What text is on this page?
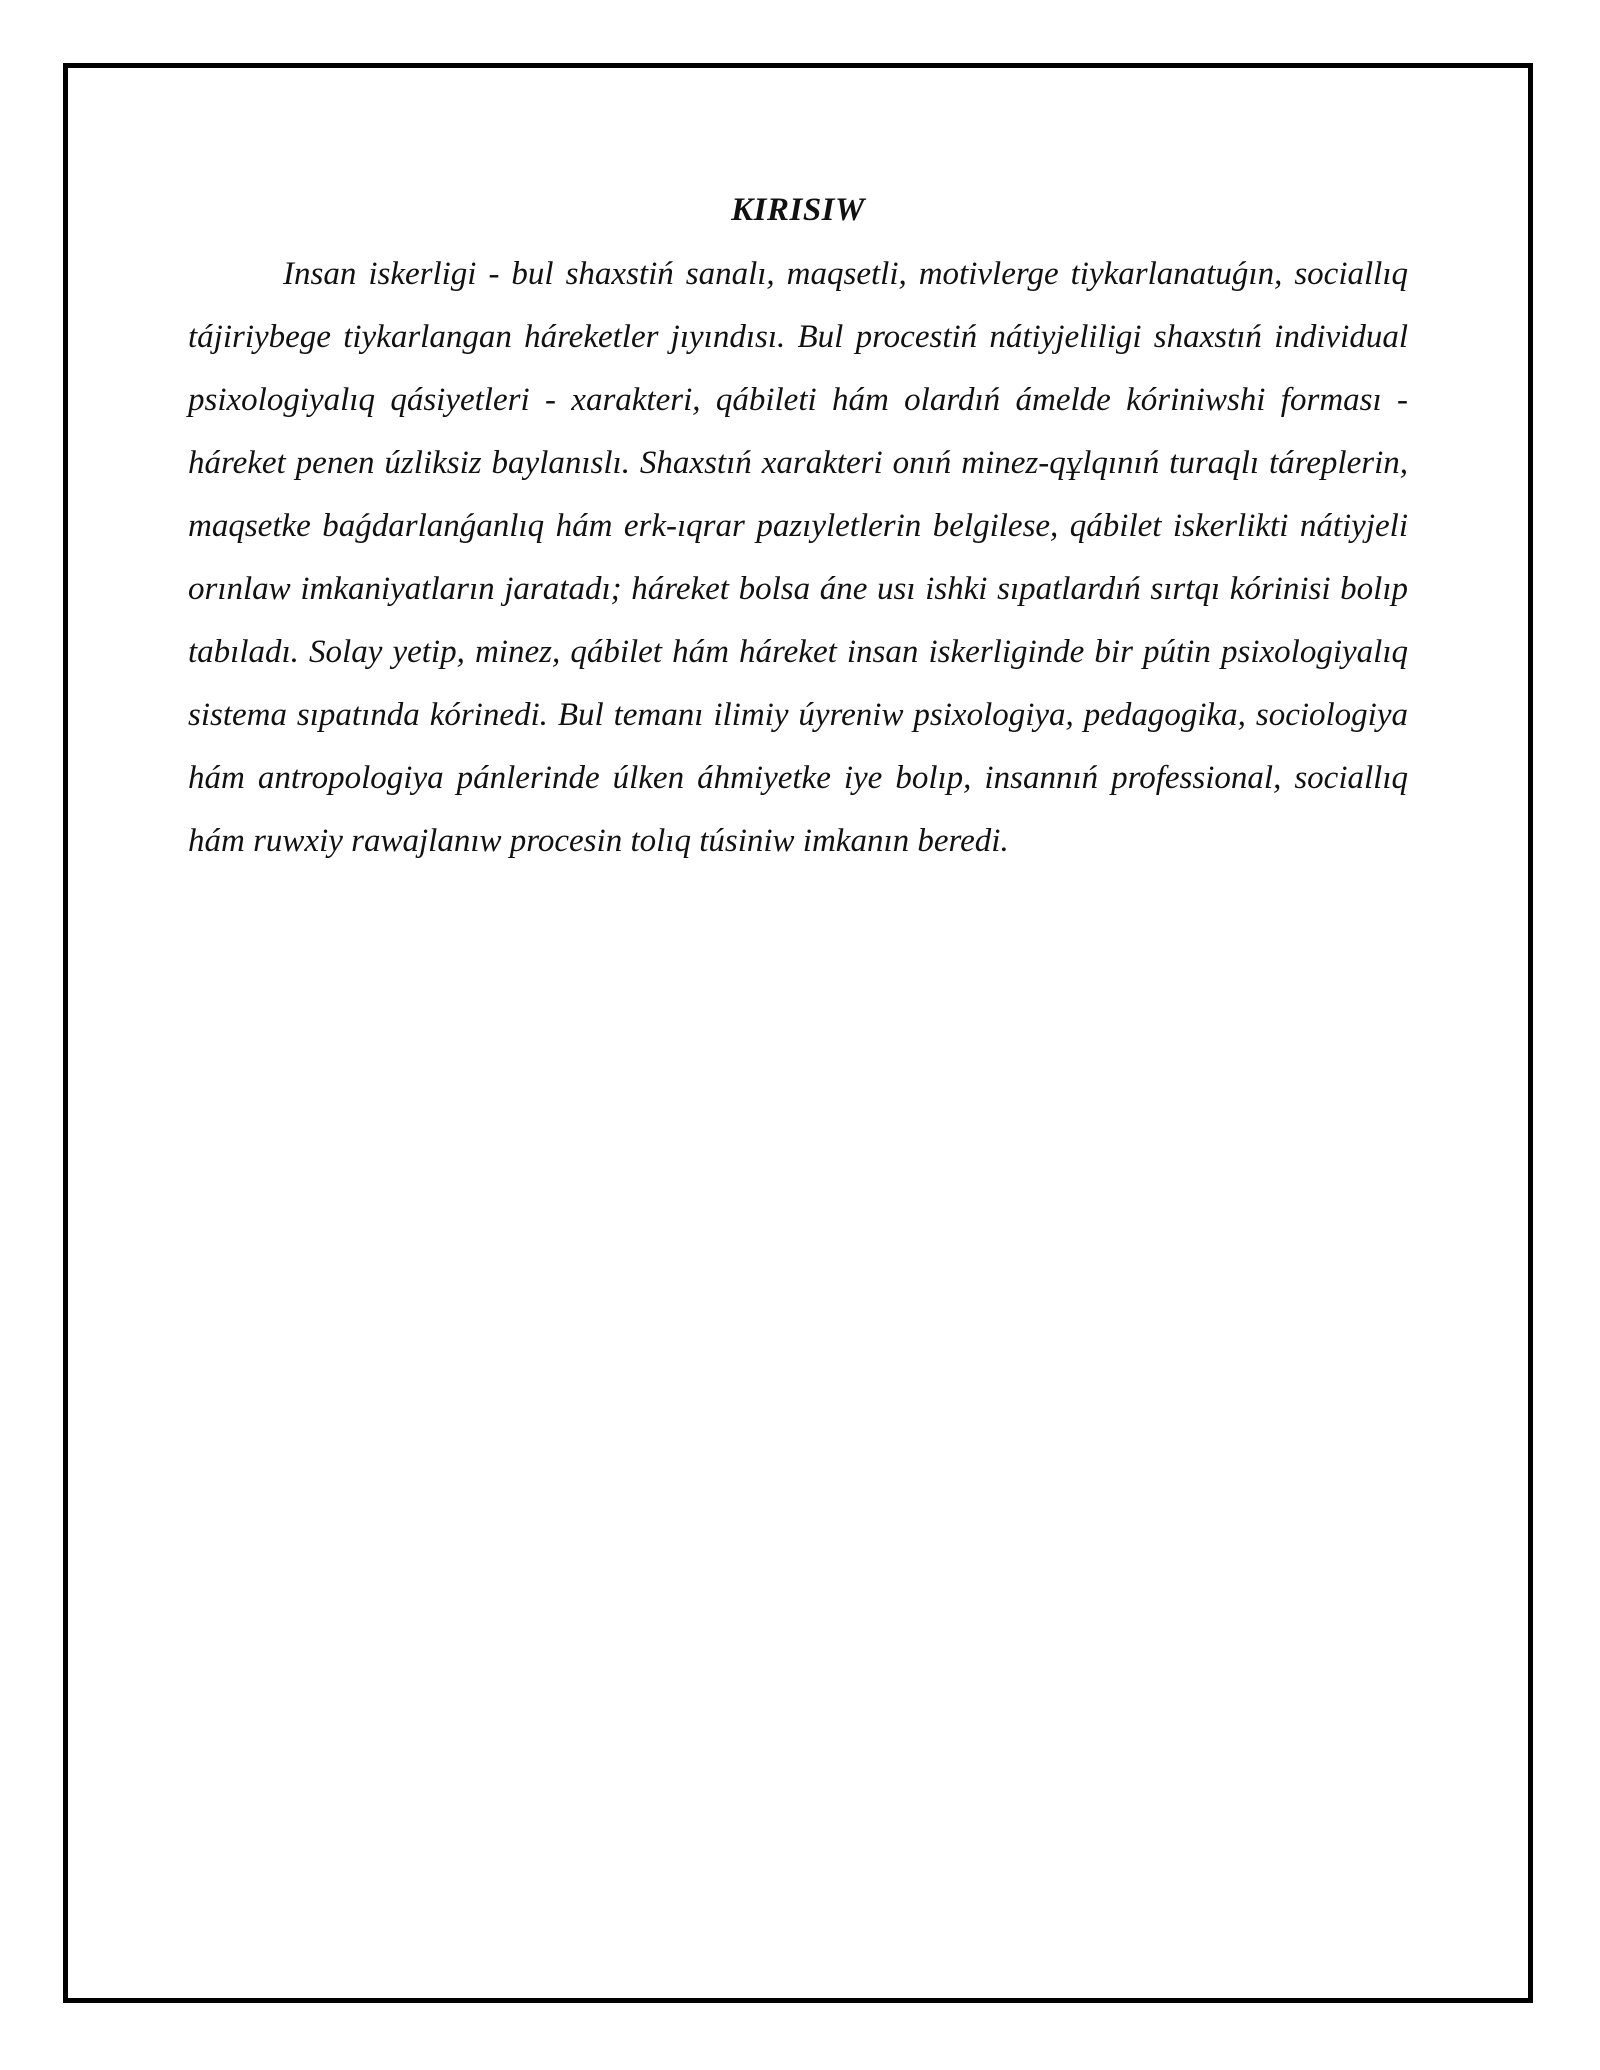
KIRISIW

Insan iskerligi - bul shaxstiń sanalı, maqsetli, motivlerge tiykarlanatuǵın, sociallıq tájiriybege tiykarlangan háreketler jıyındısı. Bul procestiń nátiyjeliligi shaxstıń individual psixologiyalıq qásiyetleri - xarakteri, qábileti hám olardıń ámelde kóriniwshi forması - háreket penen úzliksiz baylanıslı. Shaxstıń xarakteri onıń minez-qұlqınıń turaqlı táreplerin, maqsetke baǵdarlanǵanlıq hám erk-ıqrar pazıyletlerin belgilese, qábilet iskerlikti nátiyjeli orınlaw imkaniyatların jaratadı; háreket bolsa áne usı ishki sıpatlardıń sırtqı kórinisi bolıp tabıladı. Solay yetip, minez, qábilet hám háreket insan iskerliginde bir pútin psixologiyalıq sistema sıpatında kórinedi. Bul temanı ilimiy úyreniw psixologiya, pedagogika, sociologiya hám antropologiya pánlerinde úlken áhmiyetke iye bolıp, insannıń professional, sociallıq hám ruwxiy rawajlanıw procesin tolıq túsiniw imkanın beredi.
